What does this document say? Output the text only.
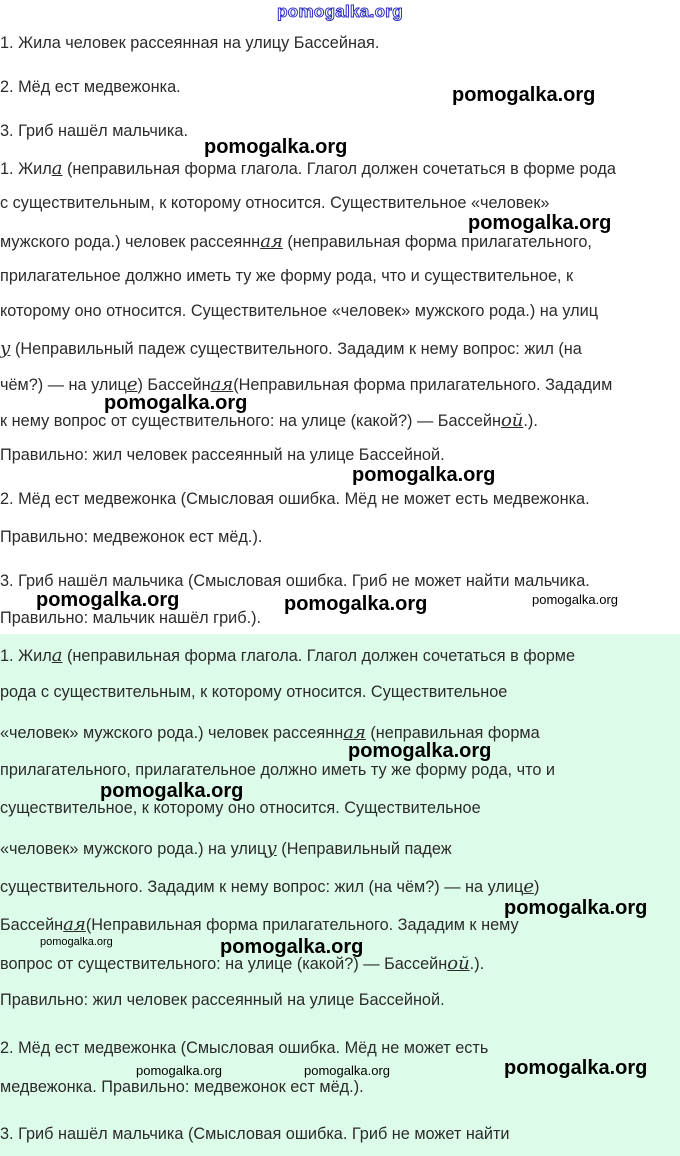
pomogalka.org

1. Жила человек рассеянная на улицу Бассейная.

2. Мёд ест медвежонка.

3. Гриб нашёл мальчика.

1. Жила (неправильная форма глагола. Глагол должен сочетаться в форме рода

с существительным, к которому относится. Существительное «человек»

мужского рода.) человек рассеянная (неправильная форма прилагательного,

прилагательное должно иметь ту же форму рода, что и существительное, к

которому оно относится. Существительное «человек» мужского рода.) на улиц

у (Неправильный падеж существительного. Зададим к нему вопрос: жил (на

чём?) — на улице) Бассейная(Неправильная форма прилагательного. Зададим

к нему вопрос от существительного: на улице (какой?) — Бассейной.).

Правильно: жил человек рассеянный на улице Бассейной.

2. Мёд ест медвежонка (Смысловая ошибка. Мёд не может есть медвежонка.

Правильно: медвежонок ест мёд.).

3. Гриб нашёл мальчика (Смысловая ошибка. Гриб не может найти мальчика.

Правильно: мальчик нашёл гриб.).

1. Жила (неправильная форма глагола. Глагол должен сочетаться в форме

рода с существительным, к которому относится. Существительное

«человек» мужского рода.) человек рассеянная (неправильная форма

прилагательного, прилагательное должно иметь ту же форму рода, что и

существительное, к которому оно относится. Существительное

«человек» мужского рода.) на улицу (Неправильный падеж

существительного. Зададим к нему вопрос: жил (на чём?) — на улице)

Бассейная(Неправильная форма прилагательного. Зададим к нему

вопрос от существительного: на улице (какой?) — Бассейной.).

Правильно: жил человек рассеянный на улице Бассейной.

2. Мёд ест медвежонка (Смысловая ошибка. Мёд не может есть

медвежонка. Правильно: медвежонок ест мёд.).

3. Гриб нашёл мальчика (Смысловая ошибка. Гриб не может найти

pomogalka.org
pomogalka.org
pomogalka.org
pomogalka.org
pomogalka.org
pomogalka.org	pomogalka.org	pomogalka.org
pomogalka.org
pomogalka.org
pomogalka.org
pomogalka.org	pomogalka.org
pomogalka.org
pomogalka.org	pomogalka.org
